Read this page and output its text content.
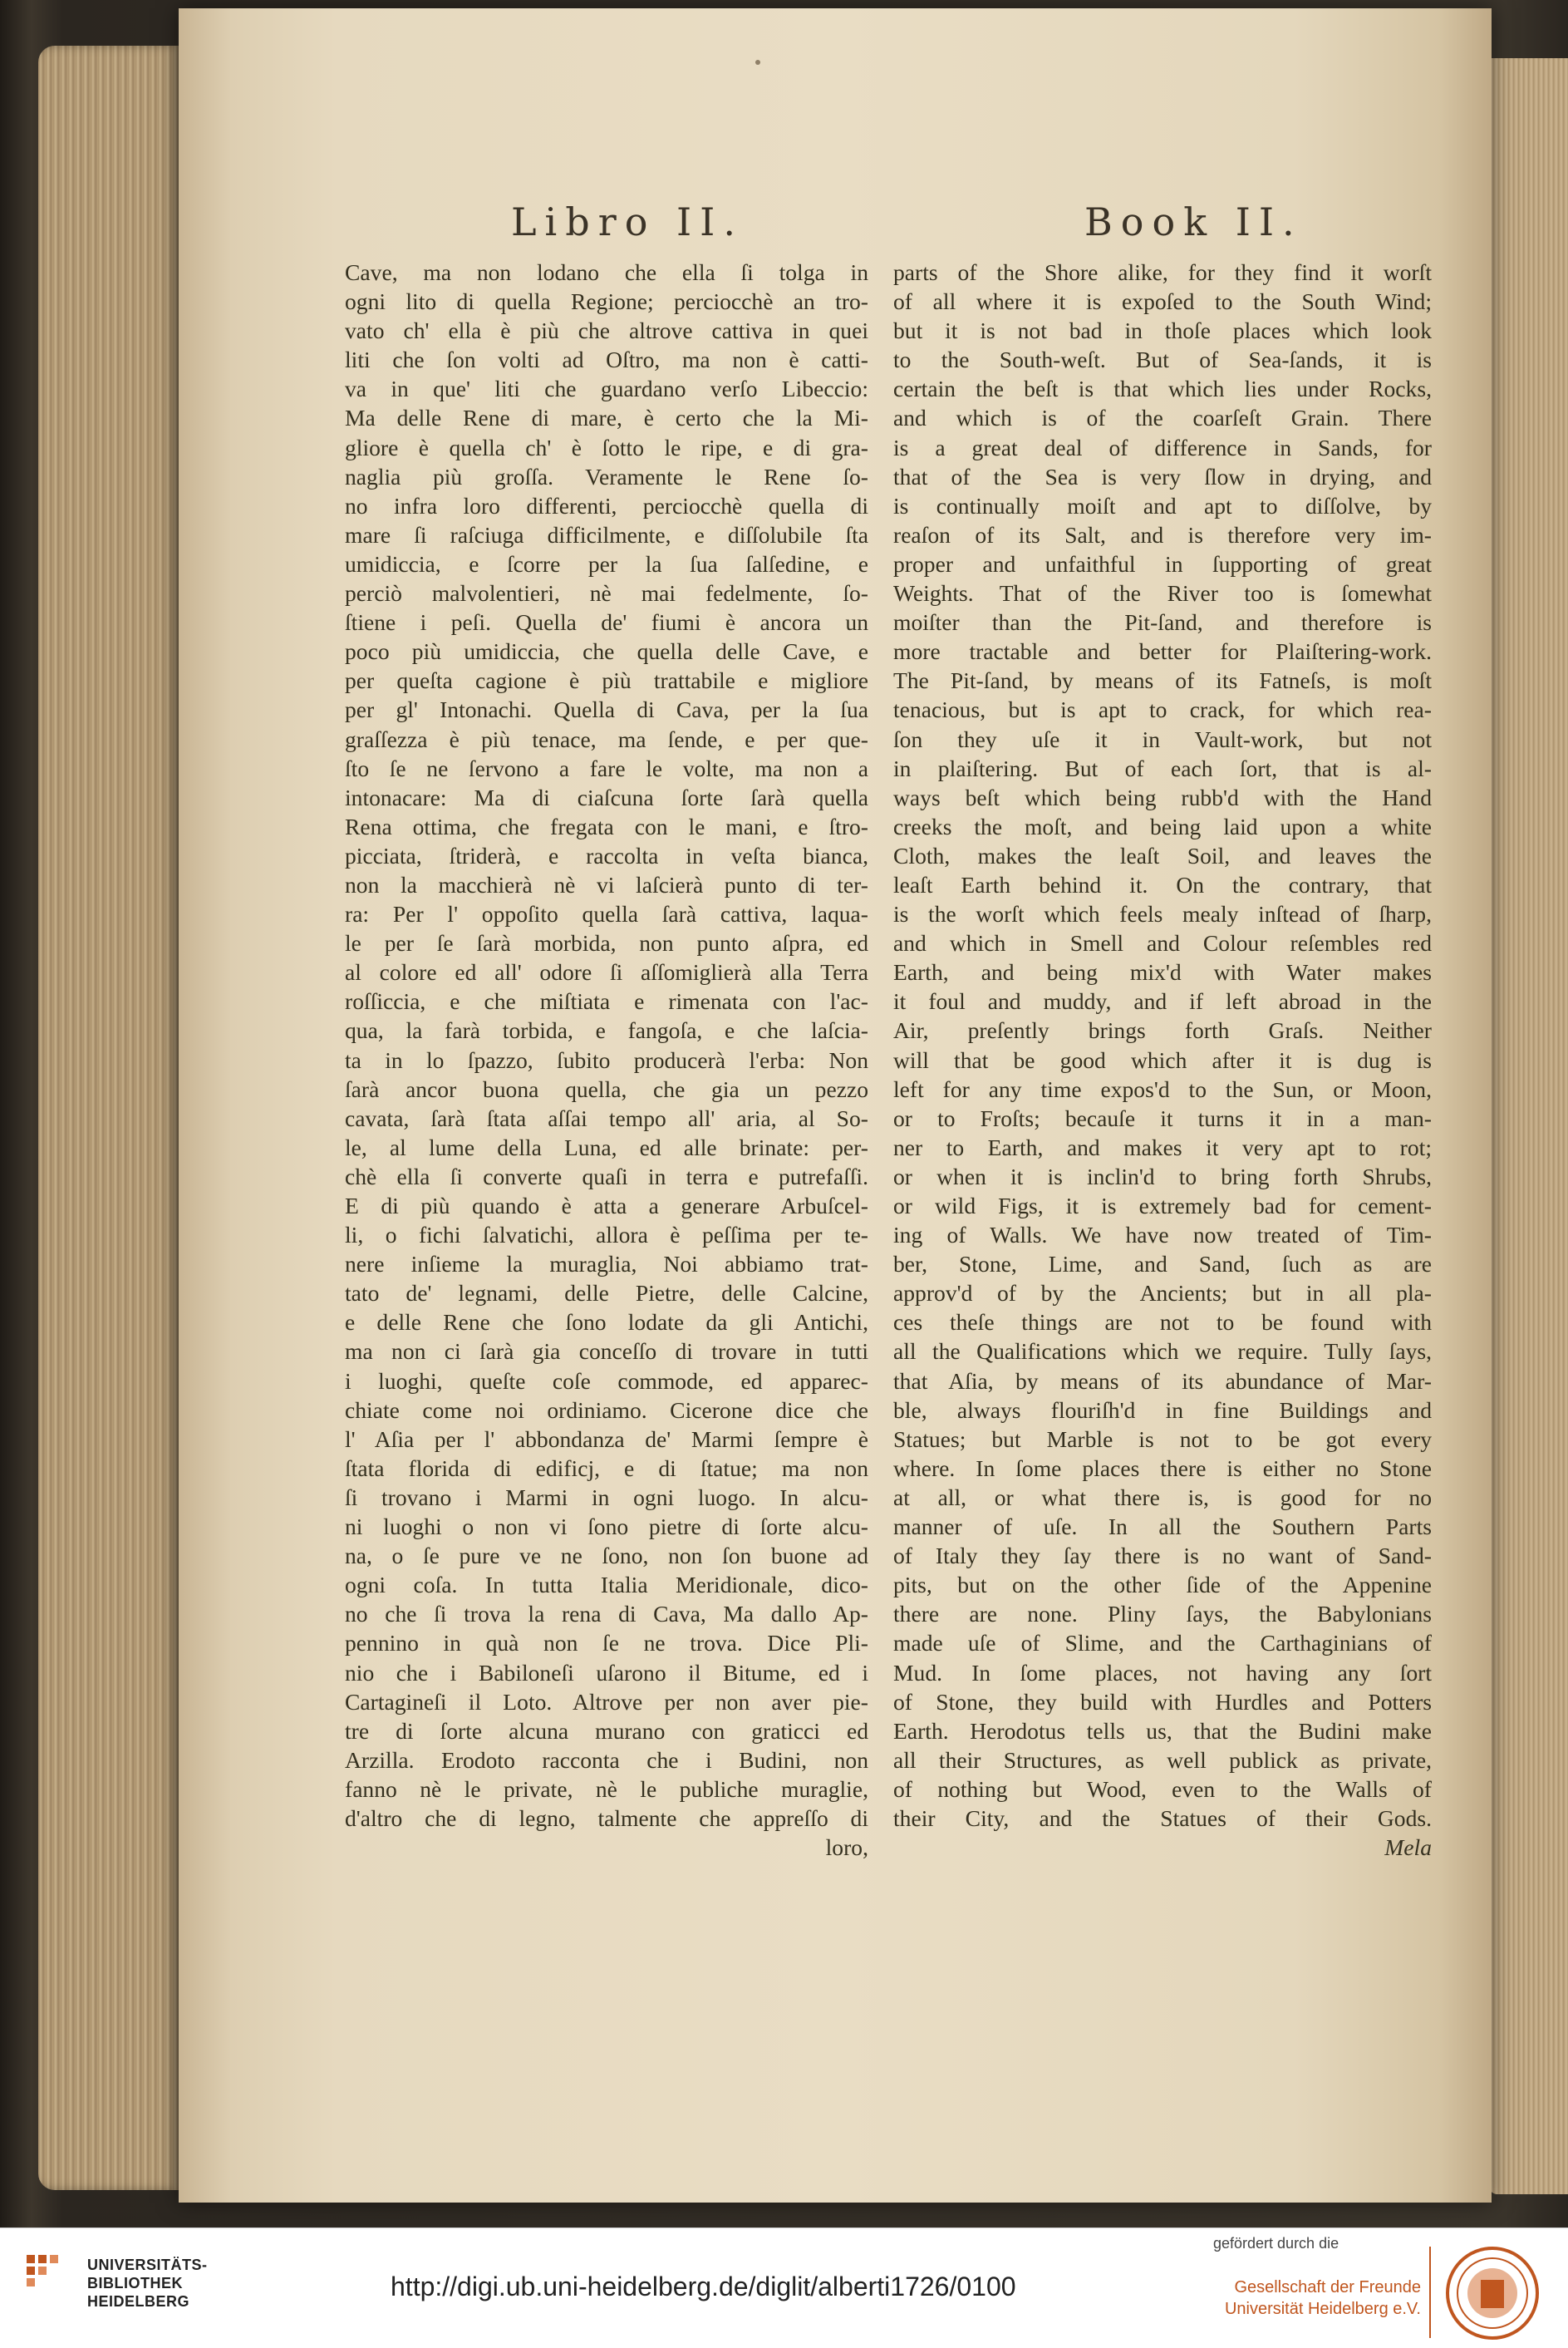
Libro II.	Book II.
Cave, ma non lodano che ella ſi tolga in
ogni lito di quella Regione; perciocchè an tro-
vato ch' ella è più che altrove cattiva in quei
liti che ſon volti ad Oſtro, ma non è catti-
va in que' liti che guardano verſo Libeccio:
Ma delle Rene di mare, è certo che la Mi-
gliore è quella ch' è ſotto le ripe, e di gra-
naglia più groſſa. Veramente le Rene ſo-
no infra loro differenti, perciocchè quella di
mare ſi raſciuga difficilmente, e diſſolubile ſta
umidiccia, e ſcorre per la ſua ſalſedine, e
perciò malvolentieri, nè mai fedelmente, ſo-
ſtiene i peſi. Quella de' fiumi è ancora un
poco più umidiccia, che quella delle Cave, e
per queſta cagione è più trattabile e migliore
per gl' Intonachi. Quella di Cava, per la ſua
graſſezza è più tenace, ma ſende, e per que-
ſto ſe ne ſervono a fare le volte, ma non a
intonacare: Ma di ciaſcuna ſorte ſarà quella
Rena ottima, che fregata con le mani, e ſtro-
picciata, ſtriderà, e raccolta in veſta bianca,
non la macchierà nè vi laſcierà punto di ter-
ra: Per l' oppoſito quella ſarà cattiva, laqua-
le per ſe ſarà morbida, non punto aſpra, ed
al colore ed all' odore ſi aſſomiglierà alla Terra
roſſiccia, e che miſtiata e rimenata con l'ac-
qua, la farà torbida, e fangoſa, e che laſcia-
ta in lo ſpazzo, ſubito producerà l'erba: Non
ſarà ancor buona quella, che gia un pezzo
cavata, ſarà ſtata aſſai tempo all' aria, al So-
le, al lume della Luna, ed alle brinate: per-
chè ella ſi converte quaſi in terra e putrefaſſi.
E di più quando è atta a generare Arbuſcel-
li, o fichi ſalvatichi, allora è peſſima per te-
nere inſieme la muraglia, Noi abbiamo trat-
tato de' legnami, delle Pietre, delle Calcine,
e delle Rene che ſono lodate da gli Antichi,
ma non ci ſarà gia conceſſo di trovare in tutti
i luoghi, queſte coſe commode, ed apparec-
chiate come noi ordiniamo. Cicerone dice che
l' Aſia per l' abbondanza de' Marmi ſempre è
ſtata florida di edificj, e di ſtatue; ma non
ſi trovano i Marmi in ogni luogo. In alcu-
ni luoghi o non vi ſono pietre di ſorte alcu-
na, o ſe pure ve ne ſono, non ſon buone ad
ogni coſa. In tutta Italia Meridionale, dico-
no che ſi trova la rena di Cava, Ma dallo Ap-
pennino in quà non ſe ne trova. Dice Pli-
nio che i Babiloneſi uſarono il Bitume, ed i
Cartagineſi il Loto. Altrove per non aver pie-
tre di ſorte alcuna murano con graticci ed
Arzilla. Erodoto racconta che i Budini, non
fanno nè le private, nè le publiche muraglie,
d'altro che di legno, talmente che appreſſo di
loro,
parts of the Shore alike, for they find it worſt
of all where it is expoſed to the South Wind;
but it is not bad in thoſe places which look
to the South-weſt. But of Sea-ſands, it is
certain the beſt is that which lies under Rocks,
and which is of the coarſeſt Grain. There
is a great deal of difference in Sands, for
that of the Sea is very ſlow in drying, and
is continually moiſt and apt to diſſolve, by
reaſon of its Salt, and is therefore very im-
proper and unfaithful in ſupporting of great
Weights. That of the River too is ſomewhat
moiſter than the Pit-ſand, and therefore is
more tractable and better for Plaiſtering-work.
The Pit-ſand, by means of its Fatneſs, is moſt
tenacious, but is apt to crack, for which rea-
ſon they uſe it in Vault-work, but not
in plaiſtering. But of each ſort, that is al-
ways beſt which being rubb'd with the Hand
creeks the moſt, and being laid upon a white
Cloth, makes the leaſt Soil, and leaves the
leaſt Earth behind it. On the contrary, that
is the worſt which feels mealy inſtead of ſharp,
and which in Smell and Colour reſembles red
Earth, and being mix'd with Water makes
it foul and muddy, and if left abroad in the
Air, preſently brings forth Graſs. Neither
will that be good which after it is dug is
left for any time expos'd to the Sun, or Moon,
or to Froſts; becauſe it turns it in a man-
ner to Earth, and makes it very apt to rot;
or when it is inclin'd to bring forth Shrubs,
or wild Figs, it is extremely bad for cement-
ing of Walls. We have now treated of Tim-
ber, Stone, Lime, and Sand, ſuch as are
approv'd of by the Ancients; but in all pla-
ces theſe things are not to be found with
all the Qualifications which we require. Tully ſays,
that Aſia, by means of its abundance of Mar-
ble, always flouriſh'd in fine Buildings and
Statues; but Marble is not to be got every
where. In ſome places there is either no Stone
at all, or what there is, is good for no
manner of uſe. In all the Southern Parts
of Italy they ſay there is no want of Sand-
pits, but on the other ſide of the Appenine
there are none. Pliny ſays, the Babylonians
made uſe of Slime, and the Carthaginians of
Mud. In ſome places, not having any ſort
of Stone, they build with Hurdles and Potters
Earth. Herodotus tells us, that the Budini make
all their Structures, as well publick as private,
of nothing but Wood, even to the Walls of
their City, and the Statues of their Gods.
Mela
UNIVERSITÄTS-
BIBLIOTHEK
HEIDELBERG	http://digi.ub.uni-heidelberg.de/diglit/alberti1726/0100
gefördert durch die
Gesellschaft der Freunde
Universität Heidelberg e.V.
